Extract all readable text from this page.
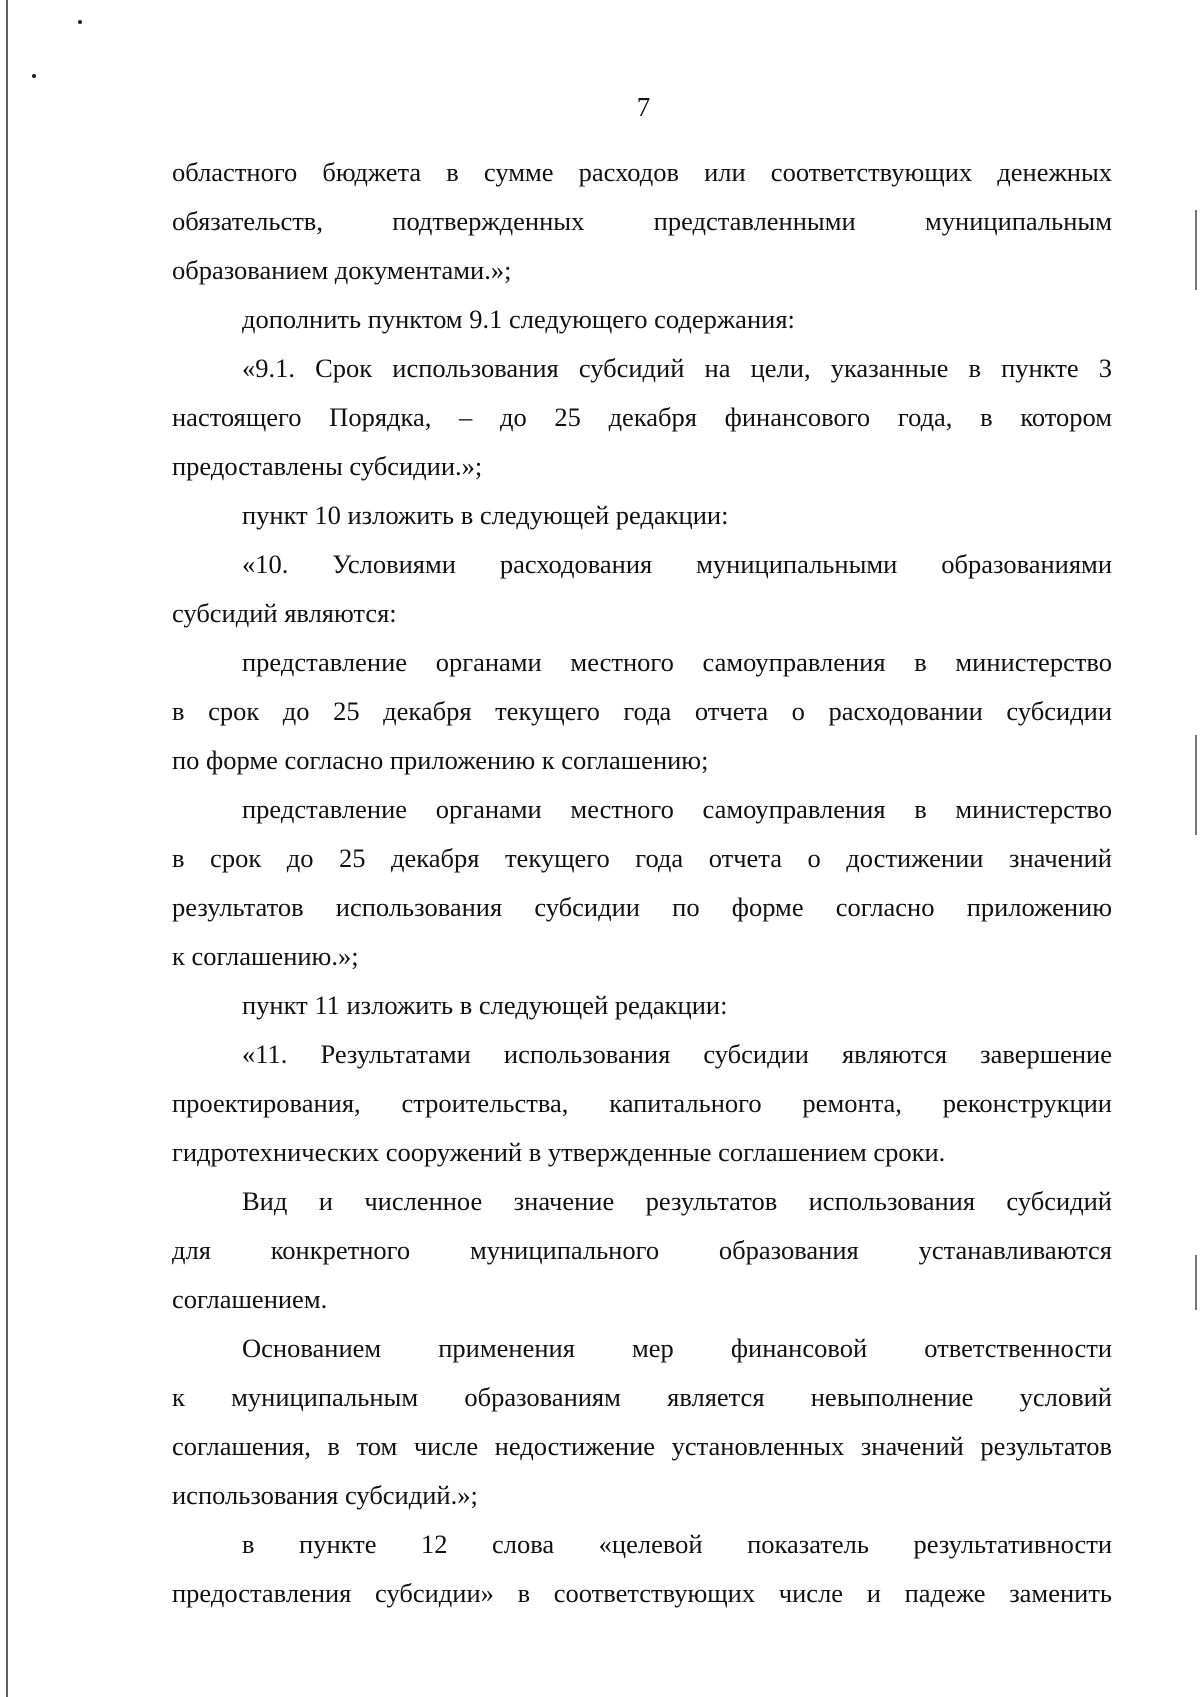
7
областного бюджета в сумме расходов или соответствующих денежных
обязательств, подтвержденных представленными муниципальным
образованием документами.»;
дополнить пунктом 9.1 следующего содержания:
«9.1. Срок использования субсидий на цели, указанные в пункте 3
настоящего Порядка, – до 25 декабря финансового года, в котором
предоставлены субсидии.»;
пункт 10 изложить в следующей редакции:
«10. Условиями расходования муниципальными образованиями
субсидий являются:
представление органами местного самоуправления в министерство
в срок до 25 декабря текущего года отчета о расходовании субсидии
по форме согласно приложению к соглашению;
представление органами местного самоуправления в министерство
в срок до 25 декабря текущего года отчета о достижении значений
результатов использования субсидии по форме согласно приложению
к соглашению.»;
пункт 11 изложить в следующей редакции:
«11. Результатами использования субсидии являются завершение
проектирования, строительства, капитального ремонта, реконструкции
гидротехнических сооружений в утвержденные соглашением сроки.
Вид и численное значение результатов использования субсидий
для конкретного муниципального образования устанавливаются
соглашением.
Основанием применения мер финансовой ответственности
к муниципальным образованиям является невыполнение условий
соглашения, в том числе недостижение установленных значений результатов
использования субсидий.»;
в пункте 12 слова «целевой показатель результативности
предоставления субсидии» в соответствующих числе и падеже заменить
